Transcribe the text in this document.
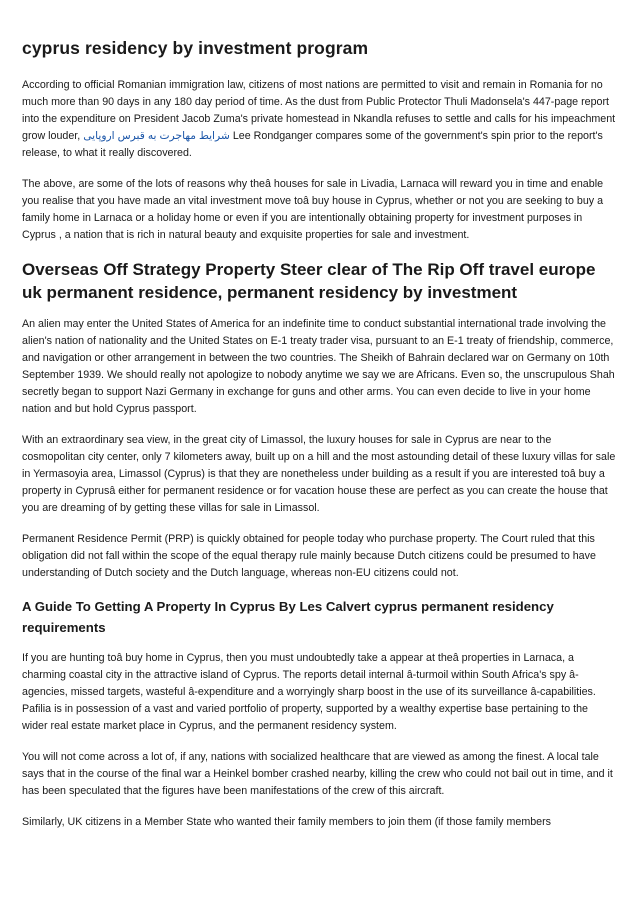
cyprus residency by investment program

According to official Romanian immigration law, citizens of most nations are permitted to visit and remain in Romania for no much more than 90 days in any 180 day period of time. As the dust from Public Protector Thuli Madonsela's 447-page report into the expenditure on President Jacob Zuma's private homestead in Nkandla refuses to settle and calls for his impeachment grow louder, شرایط مهاجرت به قبرس اروپایی Lee Rondganger compares some of the government's spin prior to the report's release, to what it really discovered.

The above, are some of the lots of reasons why theâ houses for sale in Livadia, Larnaca will reward you in time and enable you realise that you have made an vital investment move toâ buy house in Cyprus, whether or not you are seeking to buy a family home in Larnaca or a holiday home or even if you are intentionally obtaining property for investment purposes in Cyprus , a nation that is rich in natural beauty and exquisite properties for sale and investment.

Overseas Off Strategy Property Steer clear of The Rip Off travel europe uk permanent residence, permanent residency by investment

An alien may enter the United States of America for an indefinite time to conduct substantial international trade involving the alien's nation of nationality and the United States on E-1 treaty trader visa, pursuant to an E-1 treaty of friendship, commerce, and navigation or other arrangement in between the two countries. The Sheikh of Bahrain declared war on Germany on 10th September 1939. We should really not apologize to nobody anytime we say we are Africans. Even so, the unscrupulous Shah secretly began to support Nazi Germany in exchange for guns and other arms. You can even decide to live in your home nation and but hold Cyprus passport.

With an extraordinary sea view, in the great city of Limassol, the luxury houses for sale in Cyprus are near to the cosmopolitan city center, only 7 kilometers away, built up on a hill and the most astounding detail of these luxury villas for sale in Yermasoyia area, Limassol (Cyprus) is that they are nonetheless under building as a result if you are interested toâ buy a property in Cyprusâ either for permanent residence or for vacation house these are perfect as you can create the house that you are dreaming of by getting these villas for sale in Limassol.

Permanent Residence Permit (PRP) is quickly obtained for people today who purchase property. The Court ruled that this obligation did not fall within the scope of the equal therapy rule mainly because Dutch citizens could be presumed to have understanding of Dutch society and the Dutch language, whereas non-EU citizens could not.

A Guide To Getting A Property In Cyprus By Les Calvert cyprus permanent residency requirements

If you are hunting toâ buy home in Cyprus, then you must undoubtedly take a appear at theâ properties in Larnaca, a charming coastal city in the attractive island of Cyprus. The reports detail internal â-turmoil within South Africa's spy â-agencies, missed targets, wasteful â-expenditure and a worryingly sharp boost in the use of its surveillance â-capabilities. Pafilia is in possession of a vast and varied portfolio of property, supported by a wealthy expertise base pertaining to the wider real estate market place in Cyprus, and the permanent residency system.

You will not come across a lot of, if any, nations with socialized healthcare that are viewed as among the finest. A local tale says that in the course of the final war a Heinkel bomber crashed nearby, killing the crew who could not bail out in time, and it has been speculated that the figures have been manifestations of the crew of this aircraft.

Similarly, UK citizens in a Member State who wanted their family members to join them (if those family members
